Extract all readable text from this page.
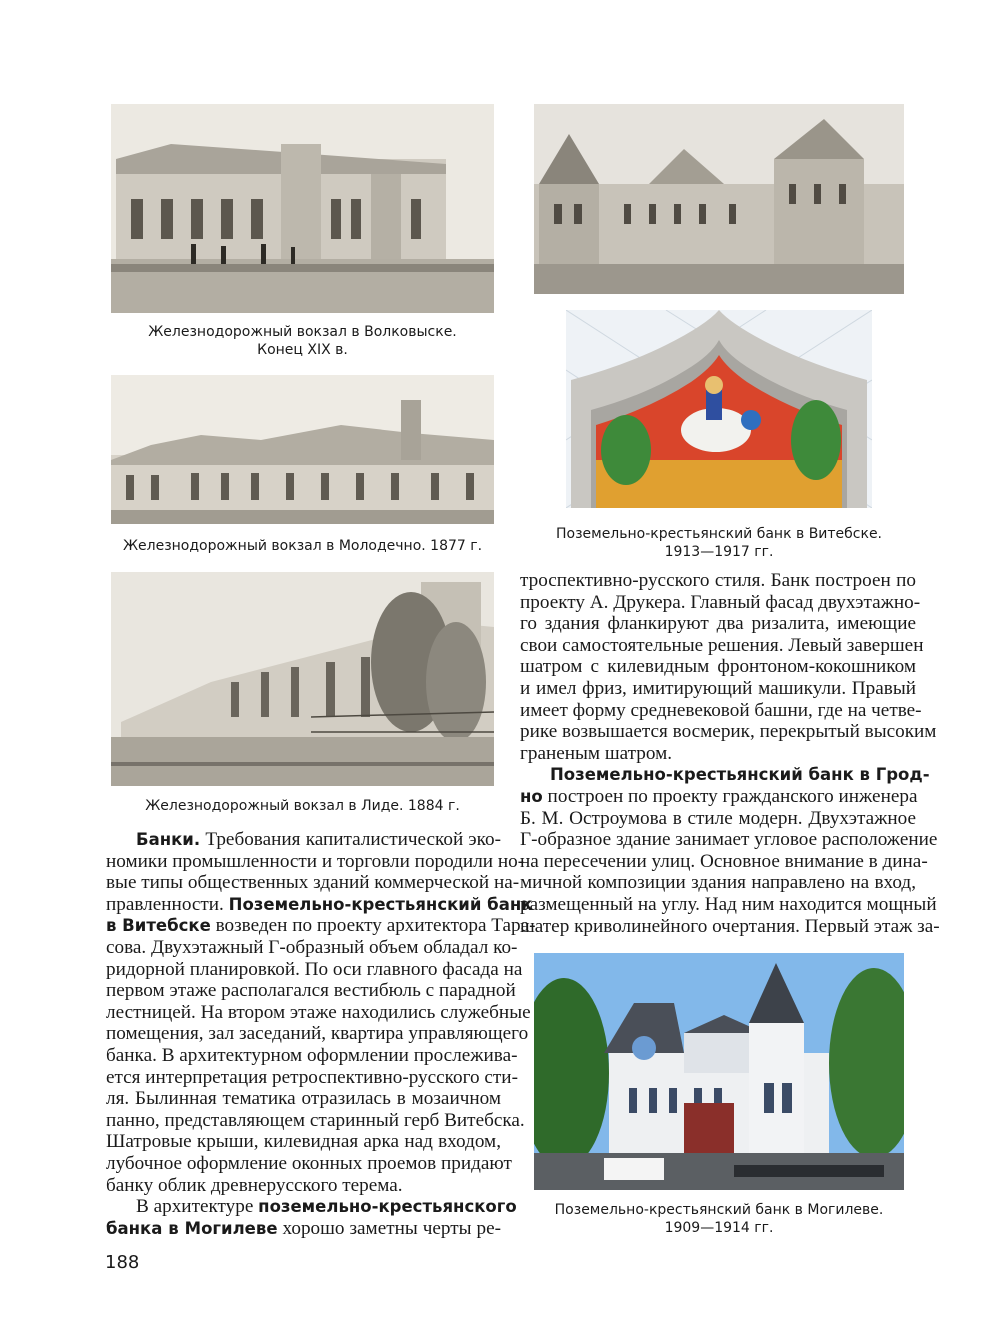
Железнодорожный вокзал в Волковыске.
Конец XIX в.
Железнодорожный вокзал в Молодечно. 1877 г.
Железнодорожный вокзал в Лиде. 1884 г.
Поземельно-крестьянский банк в Витебске.
1913—1917 гг.
Поземельно-крестьянский банк в Могилеве.
1909—1914 гг.
Банки. Требования капиталистической эко-
номики промышленности и торговли породили но-
вые типы общественных зданий коммерческой на-
правленности. Поземельно-крестьянский банк
в Витебске возведен по проекту архитектора Тара-
сова. Двухэтажный Г-образный объем обладал ко-
ридорной планировкой. По оси главного фасада на
первом этаже располагался вестибюль с парадной
лестницей. На втором этаже находились служебные
помещения, зал заседаний, квартира управляющего
банка. В архитектурном оформлении прослежива-
ется интерпретация ретроспективно-русского сти-
ля. Былинная тематика отразилась в мозаичном
панно, представляющем старинный герб Витебска.
Шатровые крыши, килевидная арка над входом,
лубочное оформление оконных проемов придают
банку облик древнерусского терема.
В архитектуре поземельно-крестьянского
банка в Могилеве хорошо заметны черты ре-
троспективно-русского стиля. Банк построен по
проекту А. Друкера. Главный фасад двухэтажно-
го здания фланкируют два ризалита, имеющие
свои самостоятельные решения. Левый завершен
шатром с килевидным фронтоном-кокошником
и имел фриз, имитирующий машикули. Правый
имеет форму средневековой башни, где на четве-
рике возвышается восмерик, перекрытый высоким
граненым шатром.
Поземельно-крестьянский банк в Грод-
но построен по проекту гражданского инженера
Б. М. Остроумова в стиле модерн. Двухэтажное
Г-образное здание занимает угловое расположение
на пересечении улиц. Основное внимание в дина-
мичной композиции здания направлено на вход,
размещенный на углу. Над ним находится мощный
шатер криволинейного очертания. Первый этаж за-
188
